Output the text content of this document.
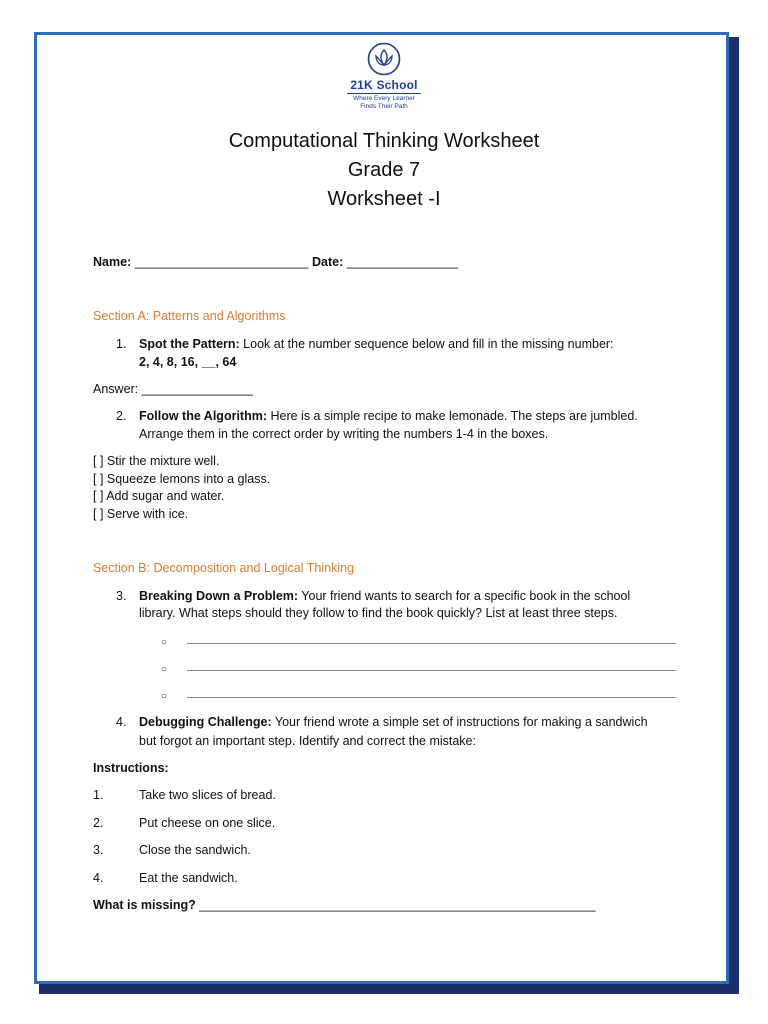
21K School
Where Every Learner
Finds Their Path
Computational Thinking Worksheet
Grade 7
Worksheet -I
Name: _________________________ Date: ________________
Section A: Patterns and Algorithms
1. Spot the Pattern: Look at the number sequence below and fill in the missing number:
2, 4, 8, 16, __, 64
Answer: ________________
2. Follow the Algorithm: Here is a simple recipe to make lemonade. The steps are jumbled.
Arrange them in the correct order by writing the numbers 1-4 in the boxes.
[ ] Stir the mixture well.
[ ] Squeeze lemons into a glass.
[ ] Add sugar and water.
[ ] Serve with ice.
Section B: Decomposition and Logical Thinking
3. Breaking Down a Problem: Your friend wants to search for a specific book in the school
library. What steps should they follow to find the book quickly? List at least three steps.
○
○
○
4. Debugging Challenge: Your friend wrote a simple set of instructions for making a sandwich
but forgot an important step. Identify and correct the mistake:
Instructions:
1.	Take two slices of bread.
2.	Put cheese on one slice.
3.	Close the sandwich.
4.	Eat the sandwich.
What is missing? _________________________________________________________
